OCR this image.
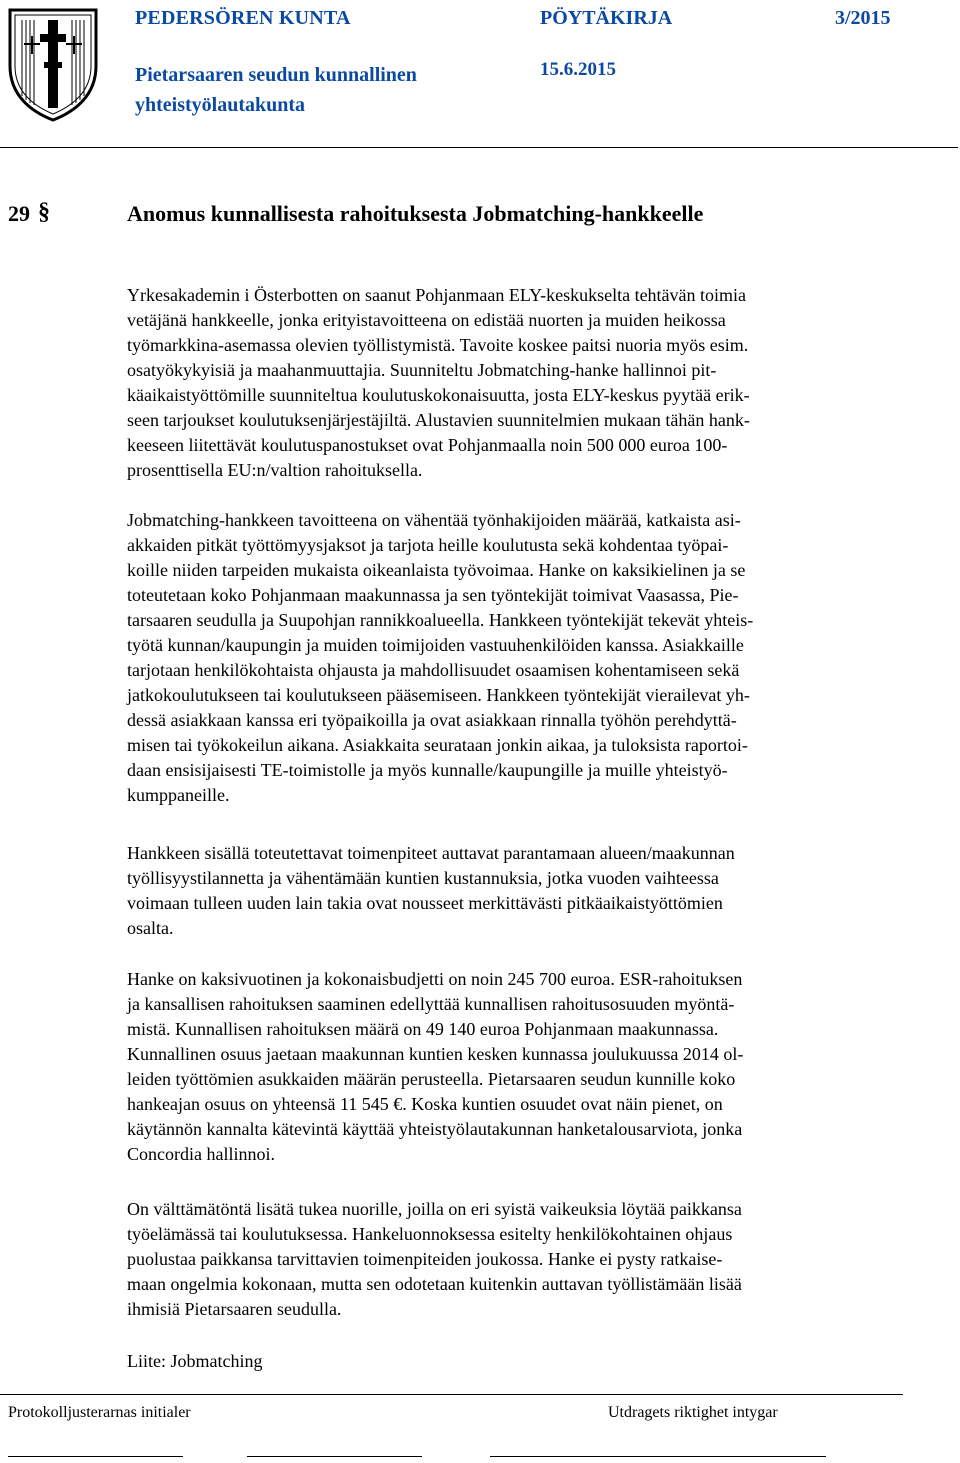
PEDERSÖREN KUNTA
Pietarsaaren seudun kunnallinen
yhteistyölautakunta
PÖYTÄKIRJA	3/2015
15.6.2015
29 §	Anomus kunnallisesta rahoituksesta Jobmatching-hankkeelle

Yrkesakademin i Österbotten on saanut Pohjanmaan ELY-keskukselta tehtävän toimia

vetäjänä hankkeelle, jonka erityistavoitteena on edistää nuorten ja muiden heikossa

työmarkkina-asemassa olevien työllistymistä. Tavoite koskee paitsi nuoria myös esim.

osatyökykyisiä ja maahanmuuttajia. Suunniteltu Jobmatching-hanke hallinnoi pit-

käaikaistyöttömille suunniteltua koulutuskokonaisuutta, josta ELY-keskus pyytää erik-

seen tarjoukset koulutuksenjärjestäjiltä. Alustavien suunnitelmien mukaan tähän hank-

keeseen liitettävät koulutuspanostukset ovat Pohjanmaalla noin 500 000 euroa 100-

prosenttisella EU:n/valtion rahoituksella.

Jobmatching-hankkeen tavoitteena on vähentää työnhakijoiden määrää, katkaista asi-

akkaiden pitkät työttömyysjaksot ja tarjota heille koulutusta sekä kohdentaa työpai-

koille niiden tarpeiden mukaista oikeanlaista työvoimaa. Hanke on kaksikielinen ja se

toteutetaan koko Pohjanmaan maakunnassa ja sen työntekijät toimivat Vaasassa, Pie-

tarsaaren seudulla ja Suupohjan rannikkoalueella. Hankkeen työntekijät tekevät yhteis-

työtä kunnan/kaupungin ja muiden toimijoiden vastuuhenkilöiden kanssa. Asiakkaille

tarjotaan henkilökohtaista ohjausta ja mahdollisuudet osaamisen kohentamiseen sekä

jatkokoulutukseen tai koulutukseen pääsemiseen. Hankkeen työntekijät vierailevat yh-

dessä asiakkaan kanssa eri työpaikoilla ja ovat asiakkaan rinnalla työhön perehdyttä-

misen tai työkokeilun aikana. Asiakkaita seurataan jonkin aikaa, ja tuloksista raportoi-

daan ensisijaisesti TE-toimistolle ja myös kunnalle/kaupungille ja muille yhteistyö-

kumppaneille.

Hankkeen sisällä toteutettavat toimenpiteet auttavat parantamaan alueen/maakunnan

työllisyystilannetta ja vähentämään kuntien kustannuksia, jotka vuoden vaihteessa

voimaan tulleen uuden lain takia ovat nousseet merkittävästi pitkäaikaistyöttömien

osalta.

Hanke on kaksivuotinen ja kokonaisbudjetti on noin 245 700 euroa. ESR-rahoituksen

ja kansallisen rahoituksen saaminen edellyttää kunnallisen rahoitusosuuden myöntä-

mistä. Kunnallisen rahoituksen määrä on 49 140 euroa Pohjanmaan maakunnassa.

Kunnallinen osuus jaetaan maakunnan kuntien kesken kunnassa joulukuussa 2014 ol-

leiden työttömien asukkaiden määrän perusteella. Pietarsaaren seudun kunnille koko

hankeajan osuus on yhteensä 11 545 €. Koska kuntien osuudet ovat näin pienet, on

käytännön kannalta kätevintä käyttää yhteistyölautakunnan hanketalousarviota, jonka

Concordia hallinnoi.

On välttämätöntä lisätä tukea nuorille, joilla on eri syistä vaikeuksia löytää paikkansa

työelämässä tai koulutuksessa. Hankeluonnoksessa esitelty henkilökohtainen ohjaus

puolustaa paikkansa tarvittavien toimenpiteiden joukossa. Hanke ei pysty ratkaise-

maan ongelmia kokonaan, mutta sen odotetaan kuitenkin auttavan työllistämään lisää

ihmisiä Pietarsaaren seudulla.

Liite: Jobmatching

Protokolljusterarnas initialer	Utdragets riktighet intygar
